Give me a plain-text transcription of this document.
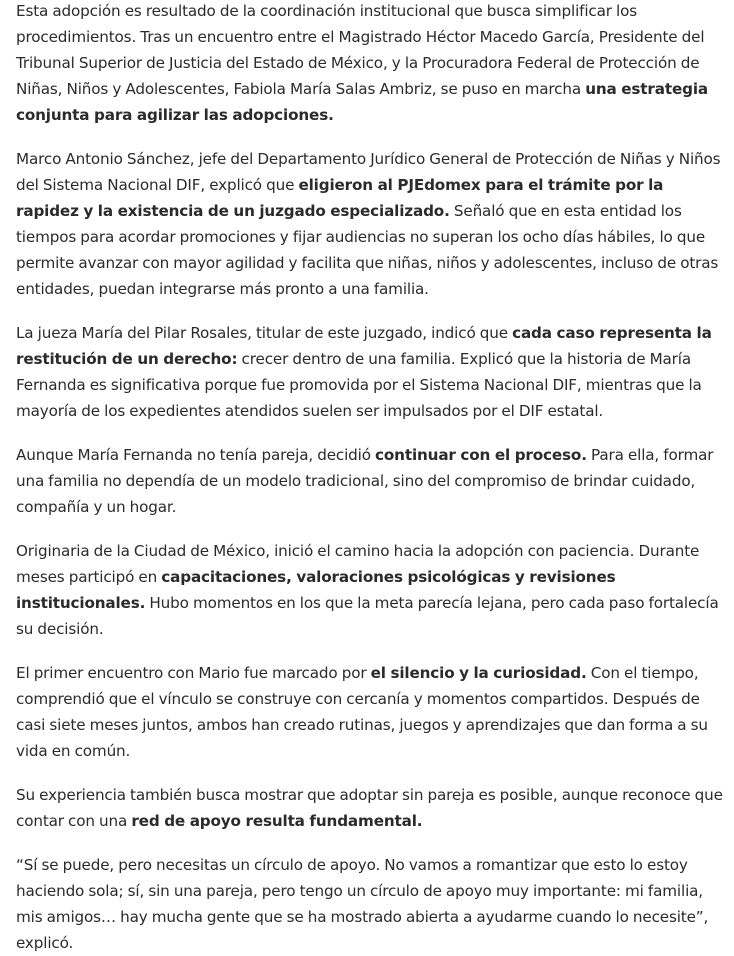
Esta adopción es resultado de la coordinación institucional que busca simplificar los procedimientos. Tras un encuentro entre el Magistrado Héctor Macedo García, Presidente del Tribunal Superior de Justicia del Estado de México, y la Procuradora Federal de Protección de Niñas, Niños y Adolescentes, Fabiola María Salas Ambriz, se puso en marcha una estrategia conjunta para agilizar las adopciones.

Marco Antonio Sánchez, jefe del Departamento Jurídico General de Protección de Niñas y Niños del Sistema Nacional DIF, explicó que eligieron al PJEdomex para el trámite por la rapidez y la existencia de un juzgado especializado. Señaló que en esta entidad los tiempos para acordar promociones y fijar audiencias no superan los ocho días hábiles, lo que permite avanzar con mayor agilidad y facilita que niñas, niños y adolescentes, incluso de otras entidades, puedan integrarse más pronto a una familia.

La jueza María del Pilar Rosales, titular de este juzgado, indicó que cada caso representa la restitución de un derecho: crecer dentro de una familia. Explicó que la historia de María Fernanda es significativa porque fue promovida por el Sistema Nacional DIF, mientras que la mayoría de los expedientes atendidos suelen ser impulsados por el DIF estatal.

Aunque María Fernanda no tenía pareja, decidió continuar con el proceso. Para ella, formar una familia no dependía de un modelo tradicional, sino del compromiso de brindar cuidado, compañía y un hogar.

Originaria de la Ciudad de México, inició el camino hacia la adopción con paciencia. Durante meses participó en capacitaciones, valoraciones psicológicas y revisiones institucionales. Hubo momentos en los que la meta parecía lejana, pero cada paso fortalecía su decisión.

El primer encuentro con Mario fue marcado por el silencio y la curiosidad. Con el tiempo, comprendió que el vínculo se construye con cercanía y momentos compartidos. Después de casi siete meses juntos, ambos han creado rutinas, juegos y aprendizajes que dan forma a su vida en común.

Su experiencia también busca mostrar que adoptar sin pareja es posible, aunque reconoce que contar con una red de apoyo resulta fundamental.

“Sí se puede, pero necesitas un círculo de apoyo. No vamos a romantizar que esto lo estoy haciendo sola; sí, sin una pareja, pero tengo un círculo de apoyo muy importante: mi familia, mis amigos… hay mucha gente que se ha mostrado abierta a ayudarme cuando lo necesite”, explicó.
